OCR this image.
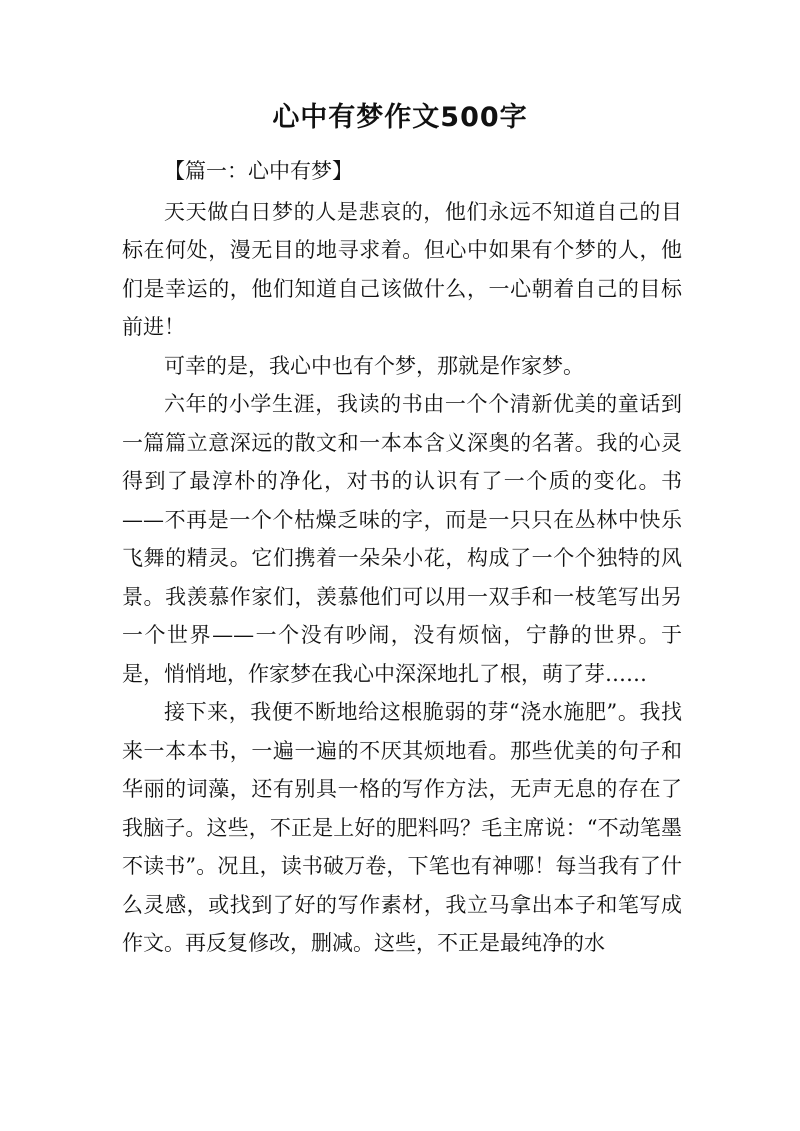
心中有梦作文500字
【篇一：心中有梦】

天天做白日梦的人是悲哀的，他们永远不知道自己的目标在何处，漫无目的地寻求着。但心中如果有个梦的人，他们是幸运的，他们知道自己该做什么，一心朝着自己的目标前进！

可幸的是，我心中也有个梦，那就是作家梦。

六年的小学生涯，我读的书由一个个清新优美的童话到一篇篇立意深远的散文和一本本含义深奥的名著。我的心灵得到了最淳朴的净化，对书的认识有了一个质的变化。书——不再是一个个枯燥乏味的字，而是一只只在丛林中快乐飞舞的精灵。它们携着一朵朵小花，构成了一个个独特的风景。我羡慕作家们，羡慕他们可以用一双手和一枝笔写出另一个世界——一个没有吵闹，没有烦恼，宁静的世界。于是，悄悄地，作家梦在我心中深深地扎了根，萌了芽……

接下来，我便不断地给这根脆弱的芽“浇水施肥”。我找来一本本书，一遍一遍的不厌其烦地看。那些优美的句子和华丽的词藻，还有别具一格的写作方法，无声无息的存在了我脑子。这些，不正是上好的肥料吗？毛主席说：“不动笔墨不读书”。况且，读书破万卷，下笔也有神哪！每当我有了什么灵感，或找到了好的写作素材，我立马拿出本子和笔写成作文。再反复修改，删减。这些，不正是最纯净的水
